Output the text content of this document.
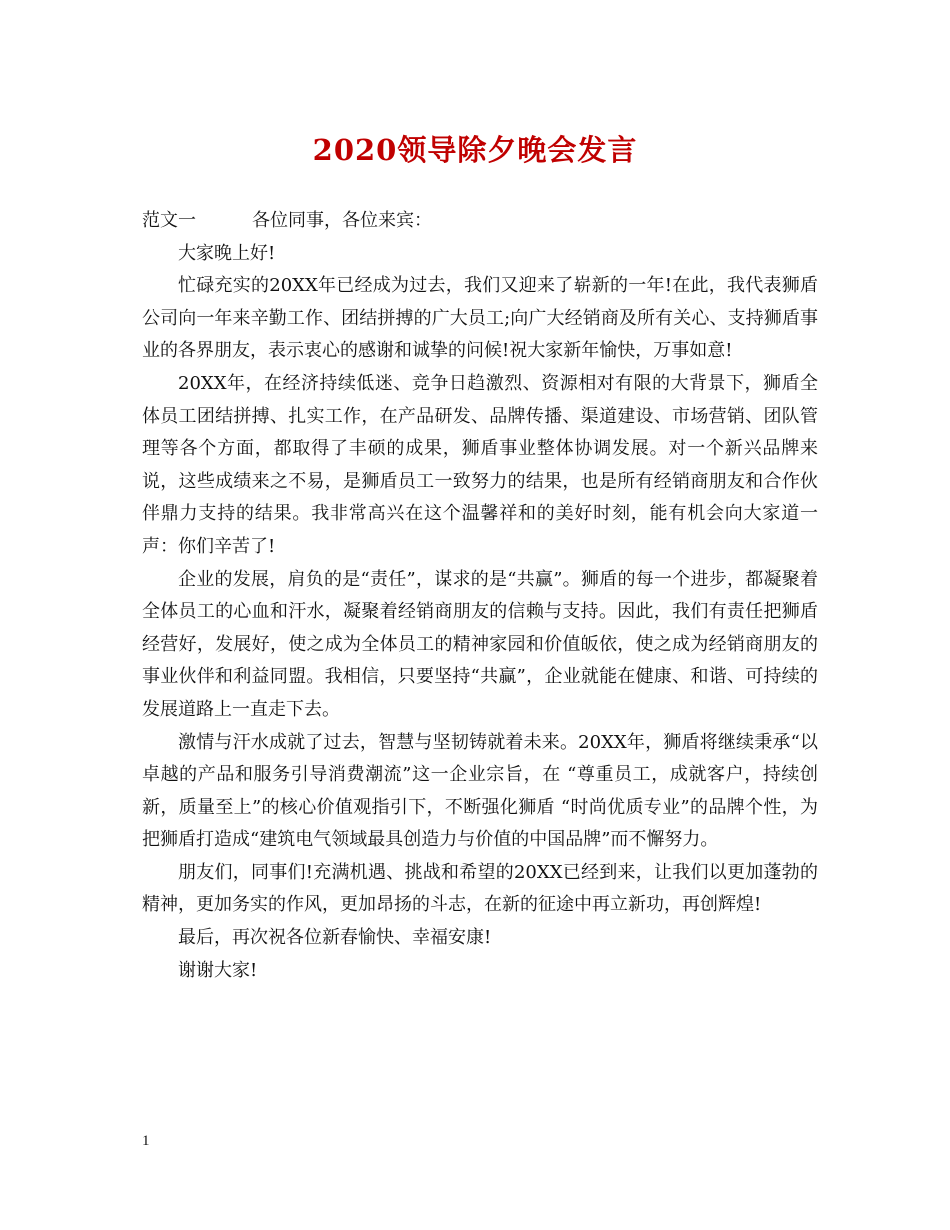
2020领导除夕晚会发言

范文一	各位同事，各位来宾：

大家晚上好!

忙碌充实的20XX年已经成为过去，我们又迎来了崭新的一年!在此，我代表狮盾公司向一年来辛勤工作、团结拼搏的广大员工;向广大经销商及所有关心、支持狮盾事业的各界朋友，表示衷心的感谢和诚挚的问候!祝大家新年愉快，万事如意!

20XX年，在经济持续低迷、竞争日趋激烈、资源相对有限的大背景下，狮盾全体员工团结拼搏、扎实工作，在产品研发、品牌传播、渠道建设、市场营销、团队管理等各个方面，都取得了丰硕的成果，狮盾事业整体协调发展。对一个新兴品牌来说，这些成绩来之不易，是狮盾员工一致努力的结果，也是所有经销商朋友和合作伙伴鼎力支持的结果。我非常高兴在这个温馨祥和的美好时刻，能有机会向大家道一声：你们辛苦了!

企业的发展，肩负的是“责任”，谋求的是“共赢”。狮盾的每一个进步，都凝聚着全体员工的心血和汗水，凝聚着经销商朋友的信赖与支持。因此，我们有责任把狮盾经营好，发展好，使之成为全体员工的精神家园和价值皈依，使之成为经销商朋友的事业伙伴和利益同盟。我相信，只要坚持“共赢”，企业就能在健康、和谐、可持续的发展道路上一直走下去。

激情与汗水成就了过去，智慧与坚韧铸就着未来。20XX年，狮盾将继续秉承“以卓越的产品和服务引导消费潮流”这一企业宗旨，在 “尊重员工，成就客户，持续创新，质量至上”的核心价值观指引下，不断强化狮盾 “时尚优质专业”的品牌个性，为把狮盾打造成“建筑电气领域最具创造力与价值的中国品牌”而不懈努力。

朋友们，同事们!充满机遇、挑战和希望的20XX已经到来，让我们以更加蓬勃的精神，更加务实的作风，更加昂扬的斗志，在新的征途中再立新功，再创辉煌!

最后，再次祝各位新春愉快、幸福安康!

谢谢大家!

1
